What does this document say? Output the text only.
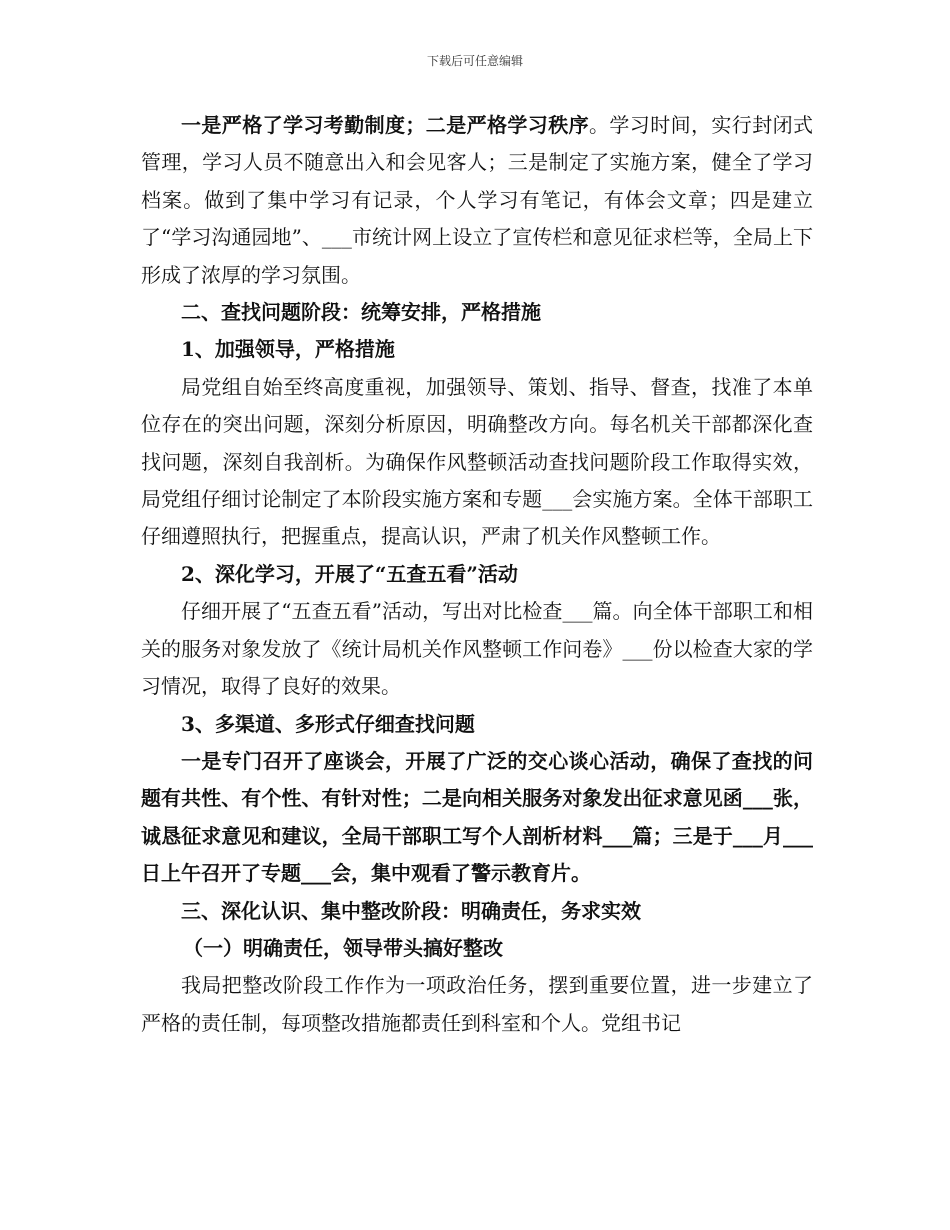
下载后可任意编辑

一是严格了学习考勤制度；二是严格学习秩序。学习时间，实行封闭式管理，学习人员不随意出入和会见客人；三是制定了实施方案，健全了学习档案。做到了集中学习有记录，个人学习有笔记，有体会文章；四是建立了“学习沟通园地”、___市统计网上设立了宣传栏和意见征求栏等，全局上下形成了浓厚的学习氛围。

二、查找问题阶段：统筹安排，严格措施

1、加强领导，严格措施

局党组自始至终高度重视，加强领导、策划、指导、督查，找准了本单位存在的突出问题，深刻分析原因，明确整改方向。每名机关干部都深化查找问题，深刻自我剖析。为确保作风整顿活动查找问题阶段工作取得实效，局党组仔细讨论制定了本阶段实施方案和专题___会实施方案。全体干部职工仔细遵照执行，把握重点，提高认识，严肃了机关作风整顿工作。

2、深化学习，开展了“五查五看”活动

仔细开展了“五查五看”活动，写出对比检查___篇。向全体干部职工和相关的服务对象发放了《统计局机关作风整顿工作问卷》___份以检查大家的学习情况，取得了良好的效果。

3、多渠道、多形式仔细查找问题

一是专门召开了座谈会，开展了广泛的交心谈心活动，确保了查找的问题有共性、有个性、有针对性；二是向相关服务对象发出征求意见函___张，诚恳征求意见和建议，全局干部职工写个人剖析材料___篇；三是于___月___日上午召开了专题___会，集中观看了警示教育片。

三、深化认识、集中整改阶段：明确责任，务求实效

（一）明确责任，领导带头搞好整改

我局把整改阶段工作作为一项政治任务，摆到重要位置，进一步建立了严格的责任制，每项整改措施都责任到科室和个人。党组书记
